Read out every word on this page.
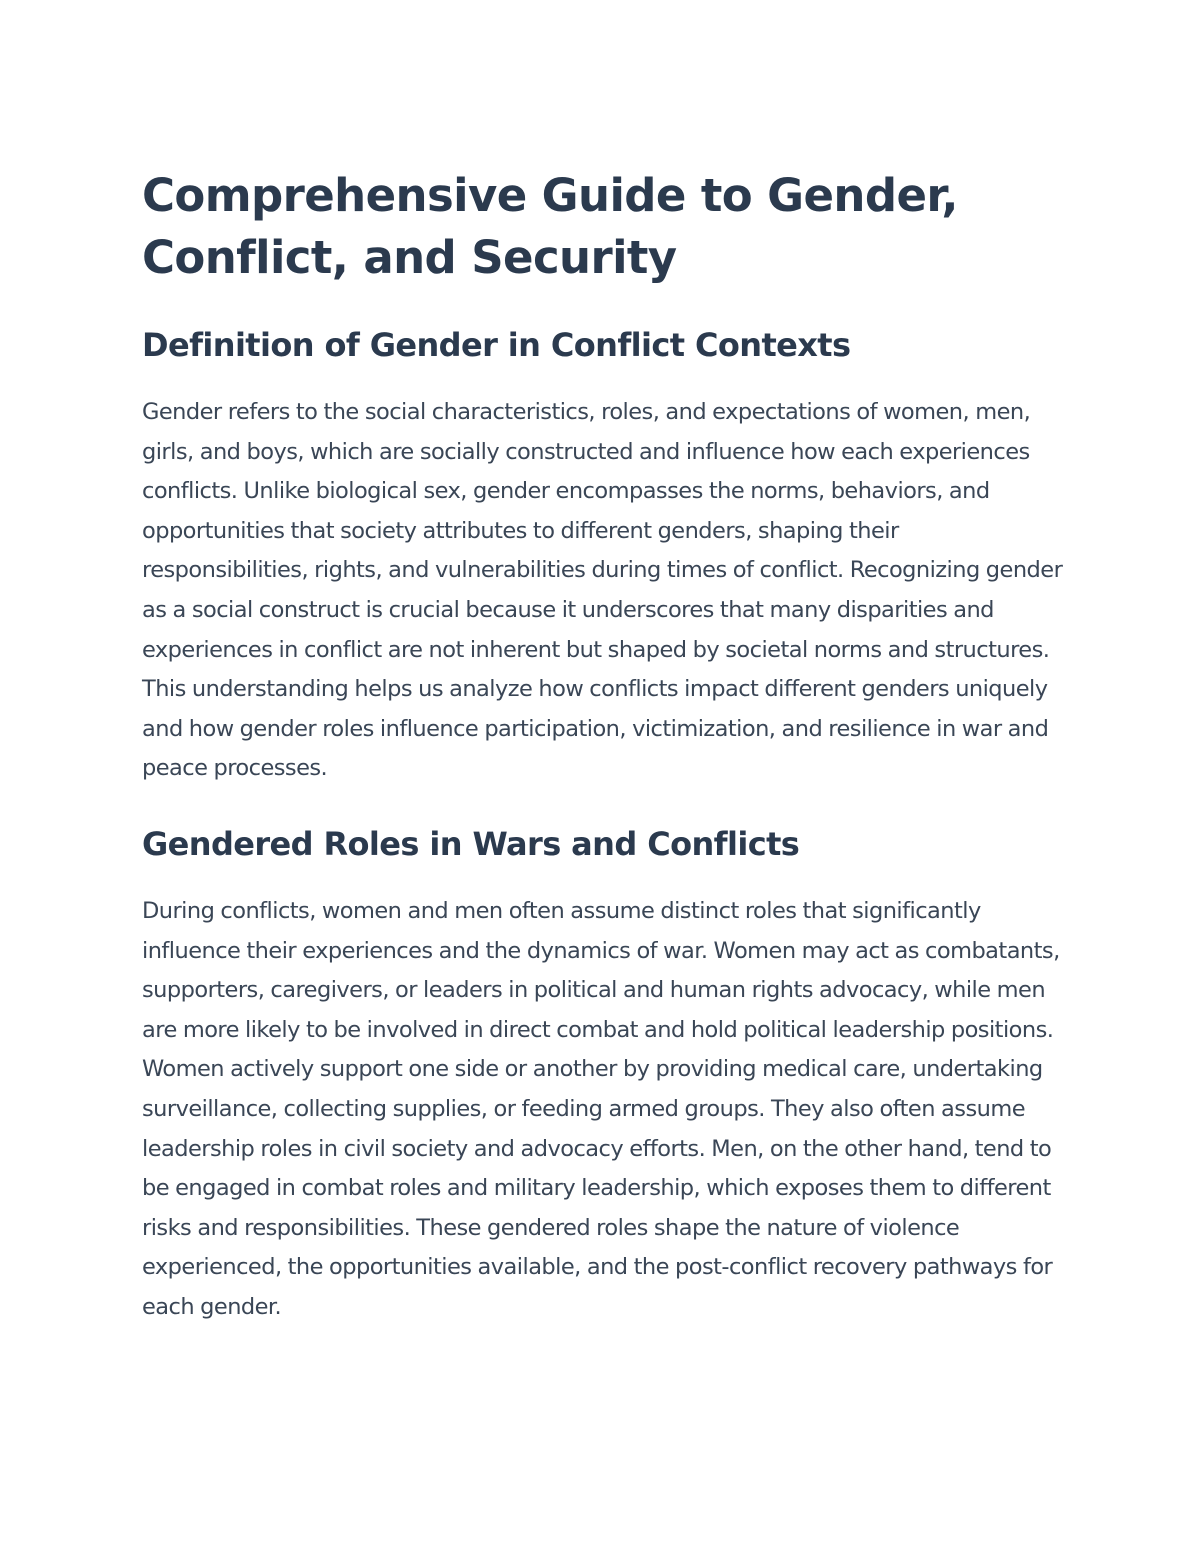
Comprehensive Guide to Gender, Conflict, and Security
Definition of Gender in Conflict Contexts

Gender refers to the social characteristics, roles, and expectations of women, men, girls, and boys, which are socially constructed and influence how each experiences conflicts. Unlike biological sex, gender encompasses the norms, behaviors, and opportunities that society attributes to different genders, shaping their responsibilities, rights, and vulnerabilities during times of conflict. Recognizing gender as a social construct is crucial because it underscores that many disparities and experiences in conflict are not inherent but shaped by societal norms and structures. This understanding helps us analyze how conflicts impact different genders uniquely and how gender roles influence participation, victimization, and resilience in war and peace processes.

Gendered Roles in Wars and Conflicts

During conflicts, women and men often assume distinct roles that significantly influence their experiences and the dynamics of war. Women may act as combatants, supporters, caregivers, or leaders in political and human rights advocacy, while men are more likely to be involved in direct combat and hold political leadership positions. Women actively support one side or another by providing medical care, undertaking surveillance, collecting supplies, or feeding armed groups. They also often assume leadership roles in civil society and advocacy efforts. Men, on the other hand, tend to be engaged in combat roles and military leadership, which exposes them to different risks and responsibilities. These gendered roles shape the nature of violence experienced, the opportunities available, and the post-conflict recovery pathways for each gender.
